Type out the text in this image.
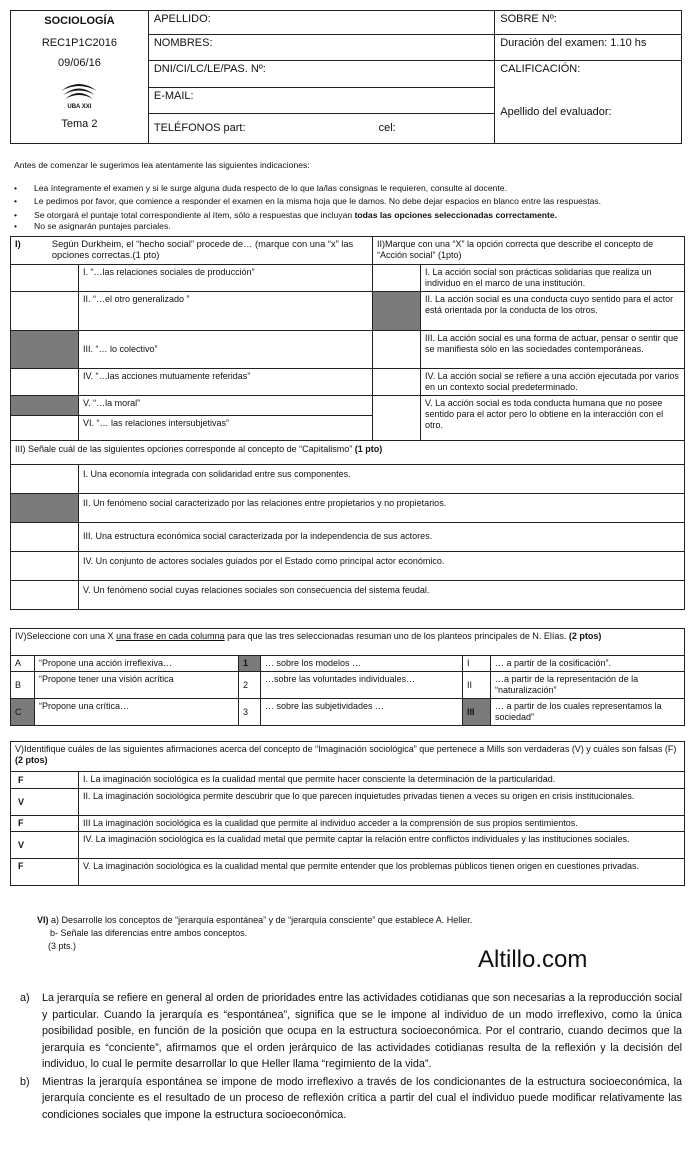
SOCIOLOGÍA
REC1P1C2016
09/06/16
UBA XXI
Tema 2	APELLIDO:	SOBRE Nº:
	NOMBRES:	Duración del examen: 1.10 hs
	DNI/CI/LC/LE/PAS. Nº:	CALIFICACIÓN:
Apellido del evaluador:

	E-MAIL:	
	TELÉFONOS part: cel:	
Antes de comenzar le sugerimos lea atentamente las siguientes indicaciones:
• Lea íntegramente el examen y si le surge alguna duda respecto de lo que la/las consignas le requieren, consulte al docente.
• Le pedimos por favor, que comience a responder el examen en la misma hoja que le damos. No debe dejar espacios en blanco entre las respuestas.
• Se otorgará el puntaje total correspondiente al ítem, sólo a respuestas que incluyan todas las opciones seleccionadas correctamente.
• No se asignarán puntajes parciales.
I) Según Durkheim, el “hecho social” procede de… (marque con una “x” las opciones correctas.(1 pto)		II)Marque con una “X” la opción correcta que describe el concepto de “Acción social” (1pto)	
	I. “…las relaciones sociales de producción”		I. La acción social son prácticas solidarias que realiza un individuo en el marco de una institución.
	II. “…el otro generalizado ”		II. La acción social es una conducta cuyo sentido para el actor está orientada por la conducta de los otros.
	III. “… lo colectivo”		III. La acción social es una forma de actuar, pensar o sentir que se manifiesta sólo en las sociedades contemporáneas.
	IV. “…las acciones mutuamente referidas”		IV. La acción social se refiere a una acción ejecutada por varios en un contexto social predeterminado.
	V. “…la moral”		V. La acción social es toda conducta humana que no posee sentido para el actor pero lo obtiene en la interacción con el otro.
	VI. “… las relaciones intersubjetivas”		
III) Señale cuál de las siguientes opciones corresponde al concepto de “Capitalismo” (1 pto)	
	I. Una economía integrada con solidaridad entre sus componentes.
	II. Un fenómeno social caracterizado por las relaciones entre propietarios y no propietarios.
	III. Una estructura económica social caracterizada por la independencia de sus actores.
	IV. Un conjunto de actores sociales guiados por el Estado como principal actor económico.
	V. Un fenómeno social cuyas relaciones sociales son consecuencia del sistema feudal.
IV)Seleccione con una X una frase en cada columna para que las tres seleccionadas resuman uno de los planteos principales de N. Elías. (2 ptos)					
A	“Propone una acción irreflexiva…	1	… sobre los modelos …	I	… a partir de la cosificación”.
B	“Propone tener una visión acrítica	2	…sobre las voluntades individuales…	II	…a partir de la representación de la “naturalización”
C	“Propone una crítica…	3	… sobre las subjetividades …	III	… a partir de los cuales representamos la sociedad”
V)Identifique cuáles de las siguientes afirmaciones acerca del concepto de “Imaginación sociológica” que pertenece a Mills son verdaderas (V) y cuáles son falsas (F) (2 ptos)	
F	I. La imaginación sociológica es la cualidad mental que permite hacer consciente la determinación de la particularidad.
V	II. La imaginación sociológica permite descubrir que lo que parecen inquietudes privadas tienen a veces su origen en crisis institucionales.
F	III La imaginación sociológica es la cualidad que permite al individuo acceder a la comprensión de sus propios sentimientos.
V	IV. La imaginación sociológica es la cualidad metal que permite captar la relación entre conflictos individuales y las instituciones sociales.
F	V. La imaginación sociológica es la cualidad mental que permite entender que los problemas públicos tienen origen en cuestiones privadas.
VI) a) Desarrolle los conceptos de “jerarquía espontánea” y de “jerarquía consciente” que establece A. Heller.
b- Señale las diferencias entre ambos conceptos.
(3 pts.)	Altillo.com
a) La jerarquía se refiere en general al orden de prioridades entre las actividades cotidianas que son necesarias a la reproducción social y particular. Cuando la jerarquía es “espontánea”, significa que se le impone al individuo de un modo irreflexivo, como la única posibilidad posible, en función de la posición que ocupa en la estructura socioeconómica. Por el contrario, cuando decimos que la jerarquía es “conciente”, afirmamos que el orden jerárquico de las actividades cotidianas resulta de la reflexión y la decisión del individuo, lo cual le permite desarrollar lo que Heller llama “regimiento de la vida”.
b) Mientras la jerarquía espontánea se impone de modo irreflexivo a través de los condicionantes de la estructura socioeconómica, la jerarquía conciente es el resultado de un proceso de reflexión crítica a partir del cual el individuo puede modificar relativamente las condiciones sociales que impone la estructura socioeconómica.
